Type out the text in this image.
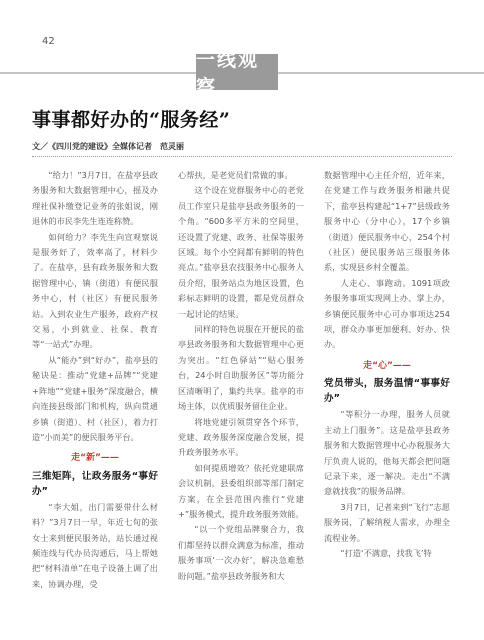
42
一线观察
事事都好办的“服务经”
文／《四川党的建设》全媒体记者　范灵丽

“给力！”3月7日，在盐亭县政务服务和大数据管理中心，摇及办理社保补缴登记业务的张姐说，刚退休的市民李先生连连称赞。

如何给力？李先生向宣观察说是服务好了，效率高了，材料少了。在盐亭，县有政务服务和大数据管理中心，镇（街道）有便民服务中心，村（社区）有便民服务站。入到农业生产服务，政府产权交易，小到就业、社保、教育等“一站式”办理。

从“能办”到“好办”，盐亭县的秘诀是：推动“党建+品牌”“党建+阵地”“党建+服务”深度融合，横向连接县级部门和机构，纵向贯通乡镇（街道）、村（社区），着力打造“小而美”的便民服务平台。

走“新”——
三维矩阵，让政务服务“事好办”

“李大姐，出门需要带什么材料？”3月7日一早，年近七旬的张女士来到便民服务站，站长通过视频连线与代办员沟通后，马上帮她把“材料清单”在电子设备上调了出来，协调办理，受

心帮扶，是老党员们常做的事。

这个设在党群服务中心的老党员工作室只是盐亭县政务服务的一个角。“600多平方米的空间里，还设置了党建、政务、社保等服务区域。每个小空间都有鲜明的特色亮点。”盐亭县农技服务中心服务人员介绍，服务站点为地区设置，色彩标志鲜明的设置，都是党员群众一起讨论的结果。

同样的特色说服在开便民的盐亭县政务服务和大数据管理中心更为突出。“红色驿站”“贴心服务台，24小时自助服务区”等功能分区清晰明了，集约共享。盐亭的市场主体，以优质服务留住企业。

将地党建引领贯穿各个环节，党建、政务服务深度融合发展，提升政务服务水平。

如何提质增效？依托党建联席会议机制，县委组织部等部门制定方案，在全县范围内推行“党建+”服务模式，提升政务服务效能。

“以一个党组品牌聚合力，我们都坚持以群众满意为标准，推动服务事项‘一次办好’，解决急难愁盼问题。”盐亭县政务服务和大

数据管理中心主任介绍，近年来，在党建工作与政务服务相融共促下，盐亭县构建起“1+7”县级政务服务中心（分中心），17个乡镇（街道）便民服务中心，254个村（社区）便民服务站三级服务体系，实现县乡村全覆盖。

人走心、事跑动。1091项政务服务事项实现网上办、掌上办，乡镇便民服务中心可办事项达254项，群众办事更加便利、好办、快办。

走“心”——
党员带头，服务温情“事事好办”

“等积分一办理，服务人员就主动上门服务”。这是盐亭县政务服务和大数据管理中心办税服务大厅负责人说的，他每天都会把问题记录下来，逐一解决。走出“不满意就找我”的服务品牌。

3月7日，记者来到“飞行”志愿服务岗，了解纳税人需求，办理全流程业务。

“打造‘不满意，找我飞’特
